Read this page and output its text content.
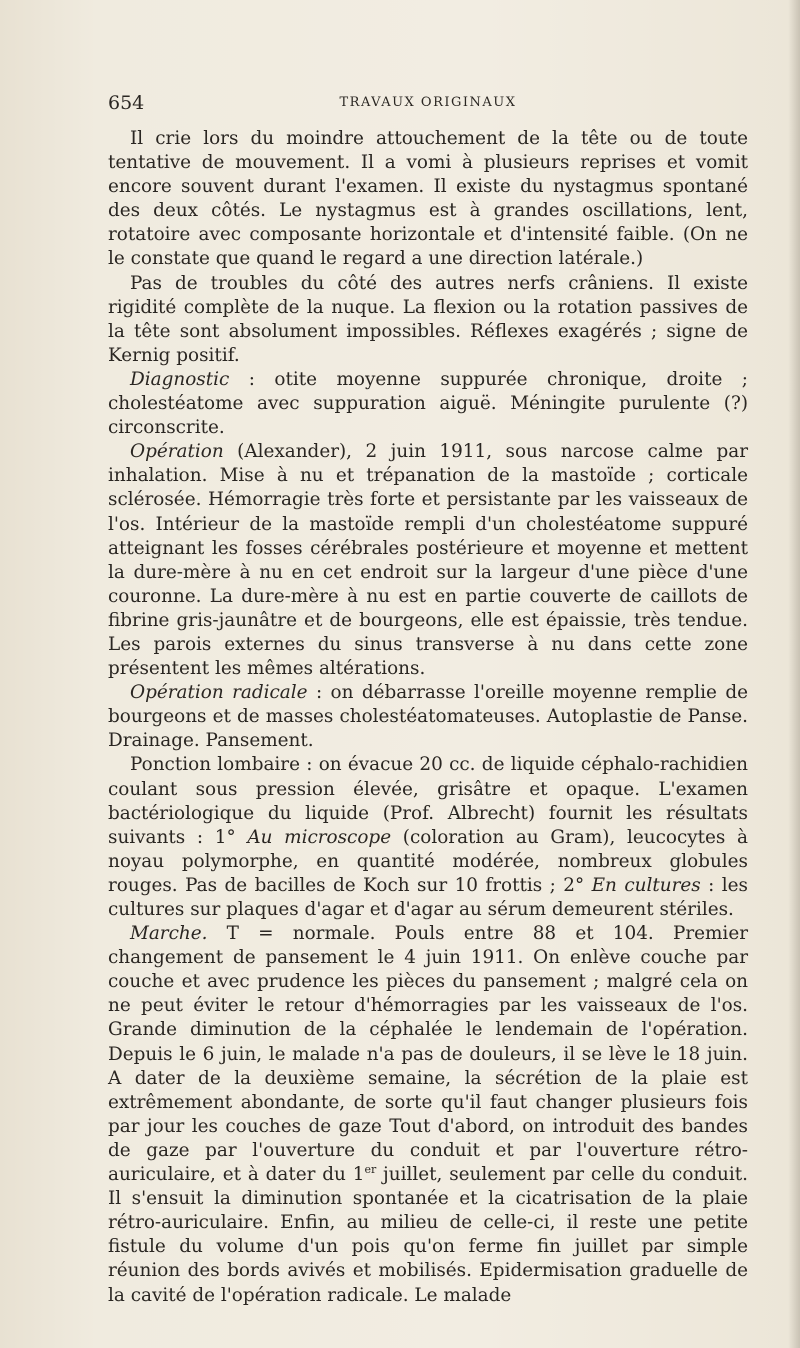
654	TRAVAUX ORIGINAUX

Il crie lors du moindre attouchement de la tête ou de toute tentative de mouvement. Il a vomi à plusieurs reprises et vomit encore souvent durant l'examen. Il existe du nystagmus spontané des deux côtés. Le nystagmus est à grandes oscillations, lent, rotatoire avec composante horizontale et d'intensité faible. (On ne le constate que quand le regard a une direction latérale.)

Pas de troubles du côté des autres nerfs crâniens. Il existe rigidité complète de la nuque. La flexion ou la rotation passives de la tête sont absolument impossibles. Réflexes exagérés ; signe de Kernig positif.

Diagnostic : otite moyenne suppurée chronique, droite ; cholestéatome avec suppuration aiguë. Méningite purulente (?) circonscrite.

Opération (Alexander), 2 juin 1911, sous narcose calme par inhalation. Mise à nu et trépanation de la mastoïde ; corticale sclérosée. Hémorragie très forte et persistante par les vaisseaux de l'os. Intérieur de la mastoïde rempli d'un cholestéatome suppuré atteignant les fosses cérébrales postérieure et moyenne et mettent la dure-mère à nu en cet endroit sur la largeur d'une pièce d'une couronne. La dure-mère à nu est en partie couverte de caillots de fibrine gris-jaunâtre et de bourgeons, elle est épaissie, très tendue. Les parois externes du sinus transverse à nu dans cette zone présentent les mêmes altérations.

Opération radicale : on débarrasse l'oreille moyenne remplie de bourgeons et de masses cholestéatomateuses. Autoplastie de Panse. Drainage. Pansement.

Ponction lombaire : on évacue 20 cc. de liquide céphalo-rachidien coulant sous pression élevée, grisâtre et opaque. L'examen bactériologique du liquide (Prof. Albrecht) fournit les résultats suivants : 1° Au microscope (coloration au Gram), leucocytes à noyau polymorphe, en quantité modérée, nombreux globules rouges. Pas de bacilles de Koch sur 10 frottis ; 2° En cultures : les cultures sur plaques d'agar et d'agar au sérum demeurent stériles.

Marche. T = normale. Pouls entre 88 et 104. Premier changement de pansement le 4 juin 1911. On enlève couche par couche et avec prudence les pièces du pansement ; malgré cela on ne peut éviter le retour d'hémorragies par les vaisseaux de l'os. Grande diminution de la céphalée le lendemain de l'opération. Depuis le 6 juin, le malade n'a pas de douleurs, il se lève le 18 juin. A dater de la deuxième semaine, la sécrétion de la plaie est extrêmement abondante, de sorte qu'il faut changer plusieurs fois par jour les couches de gaze Tout d'abord, on introduit des bandes de gaze par l'ouverture du conduit et par l'ouverture rétro-auriculaire, et à dater du 1er juillet, seulement par celle du conduit. Il s'ensuit la diminution spontanée et la cicatrisation de la plaie rétro-auriculaire. Enfin, au milieu de celle-ci, il reste une petite fistule du volume d'un pois qu'on ferme fin juillet par simple réunion des bords avivés et mobilisés. Epidermisation graduelle de la cavité de l'opération radicale. Le malade
